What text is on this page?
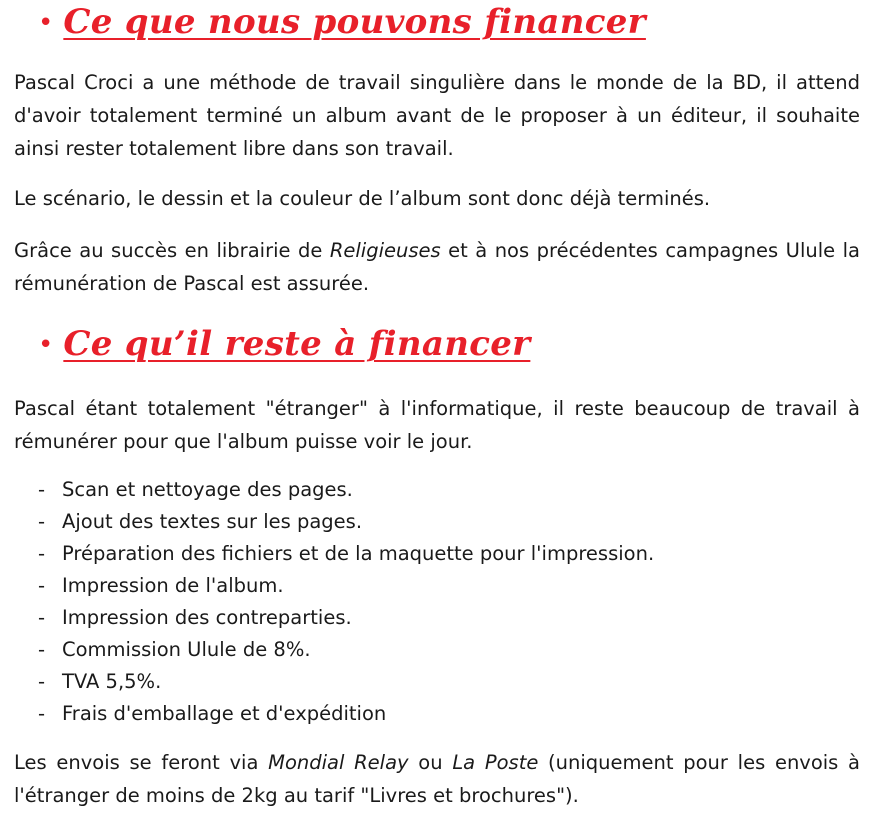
• Ce que nous pouvons financer

Pascal Croci a une méthode de travail singulière dans le monde de la BD, il attend d'avoir totalement terminé un album avant de le proposer à un éditeur, il souhaite ainsi rester totalement libre dans son travail.

Le scénario, le dessin et la couleur de l’album sont donc déjà terminés.

Grâce au succès en librairie de Religieuses et à nos précédentes campagnes Ulule la rémunération de Pascal est assurée.

• Ce qu’il reste à financer

Pascal étant totalement "étranger" à l'informatique, il reste beaucoup de travail à rémunérer pour que l'album puisse voir le jour.

- Scan et nettoyage des pages.
- Ajout des textes sur les pages.
- Préparation des fichiers et de la maquette pour l'impression.
- Impression de l'album.
- Impression des contreparties.
- Commission Ulule de 8%.
- TVA 5,5%.
- Frais d'emballage et d'expédition

Les envois se feront via Mondial Relay ou La Poste (uniquement pour les envois à l'étranger de moins de 2kg au tarif "Livres et brochures").
